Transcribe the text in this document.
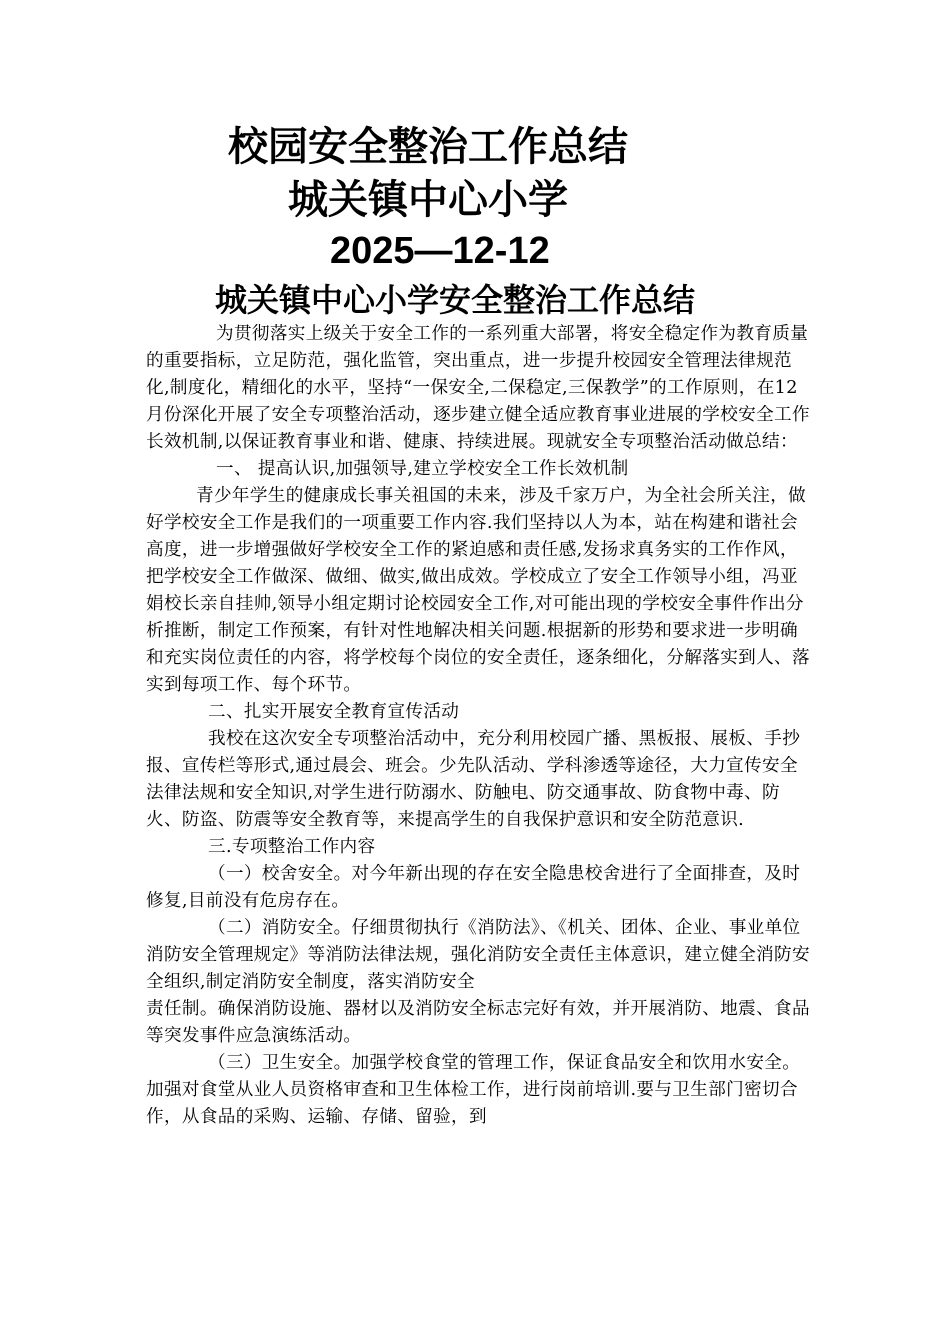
校园安全整治工作总结
城关镇中心小学
2025—12-12
城关镇中心小学安全整治工作总结

为贯彻落实上级关于安全工作的一系列重大部署，将安全稳定作为教育质量的重要指标，立足防范，强化监管，突出重点，进一步提升校园安全管理法律规范化,制度化，精细化的水平，坚持“一保安全,二保稳定,三保教学”的工作原则，在12月份深化开展了安全专项整治活动，逐步建立健全适应教育事业进展的学校安全工作长效机制,以保证教育事业和谐、健康、持续进展。现就安全专项整治活动做总结：

一、 提高认识,加强领导,建立学校安全工作长效机制

青少年学生的健康成长事关祖国的未来，涉及千家万户，为全社会所关注，做好学校安全工作是我们的一项重要工作内容.我们坚持以人为本，站在构建和谐社会高度，进一步增强做好学校安全工作的紧迫感和责任感,发扬求真务实的工作作风，把学校安全工作做深、做细、做实,做出成效。学校成立了安全工作领导小组，冯亚娟校长亲自挂帅,领导小组定期讨论校园安全工作,对可能出现的学校安全事件作出分析推断，制定工作预案，有针对性地解决相关问题.根据新的形势和要求进一步明确和充实岗位责任的内容，将学校每个岗位的安全责任，逐条细化，分解落实到人、落实到每项工作、每个环节。

二、扎实开展安全教育宣传活动

我校在这次安全专项整治活动中，充分利用校园广播、黑板报、展板、手抄报、宣传栏等形式,通过晨会、班会。少先队活动、学科渗透等途径，大力宣传安全法律法规和安全知识,对学生进行防溺水、防触电、防交通事故、防食物中毒、防火、防盗、防震等安全教育等，来提高学生的自我保护意识和安全防范意识.

三.专项整治工作内容

（一）校舍安全。对今年新出现的存在安全隐患校舍进行了全面排查，及时修复,目前没有危房存在。

（二）消防安全。仔细贯彻执行《消防法》、《机关、团体、企业、事业单位消防安全管理规定》等消防法律法规，强化消防安全责任主体意识，建立健全消防安全组织,制定消防安全制度，落实消防安全

责任制。确保消防设施、器材以及消防安全标志完好有效，并开展消防、地震、食品等突发事件应急演练活动。

（三）卫生安全。加强学校食堂的管理工作，保证食品安全和饮用水安全。加强对食堂从业人员资格审查和卫生体检工作，进行岗前培训.要与卫生部门密切合作，从食品的采购、运输、存储、留验，到
